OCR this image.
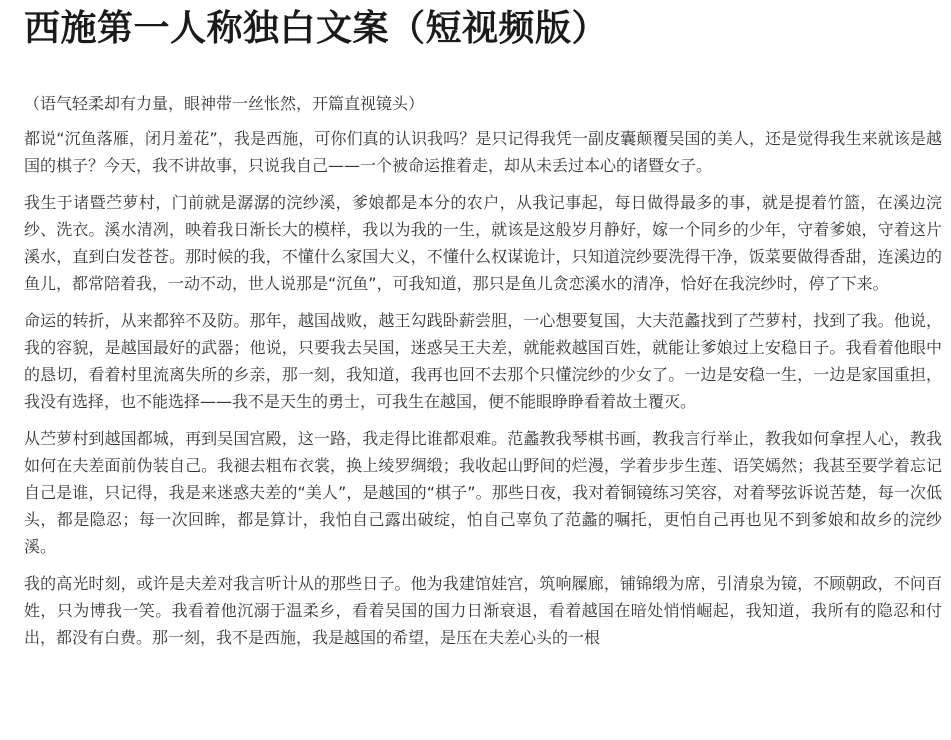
西施第一人称独白文案（短视频版）

（语气轻柔却有力量，眼神带一丝怅然，开篇直视镜头）

都说“沉鱼落雁，闭月羞花”，我是西施，可你们真的认识我吗？是只记得我凭一副皮囊颠覆吴国的美人，还是觉得我生来就该是越国的棋子？今天，我不讲故事，只说我自己——一个被命运推着走，却从未丢过本心的诸暨女子。

我生于诸暨苎萝村，门前就是潺潺的浣纱溪，爹娘都是本分的农户，从我记事起，每日做得最多的事，就是提着竹篮，在溪边浣纱、洗衣。溪水清冽，映着我日渐长大的模样，我以为我的一生，就该是这般岁月静好，嫁一个同乡的少年，守着爹娘，守着这片溪水，直到白发苍苍。那时候的我，不懂什么家国大义，不懂什么权谋诡计，只知道浣纱要洗得干净，饭菜要做得香甜，连溪边的鱼儿，都常陪着我，一动不动，世人说那是“沉鱼”，可我知道，那只是鱼儿贪恋溪水的清净，恰好在我浣纱时，停了下来。

命运的转折，从来都猝不及防。那年，越国战败，越王勾践卧薪尝胆，一心想要复国，大夫范蠡找到了苎萝村，找到了我。他说，我的容貌，是越国最好的武器；他说，只要我去吴国，迷惑吴王夫差，就能救越国百姓，就能让爹娘过上安稳日子。我看着他眼中的恳切，看着村里流离失所的乡亲，那一刻，我知道，我再也回不去那个只懂浣纱的少女了。一边是安稳一生，一边是家国重担，我没有选择，也不能选择——我不是天生的勇士，可我生在越国，便不能眼睁睁看着故土覆灭。

从苎萝村到越国都城，再到吴国宫殿，这一路，我走得比谁都艰难。范蠡教我琴棋书画，教我言行举止，教我如何拿捏人心，教我如何在夫差面前伪装自己。我褪去粗布衣裳，换上绫罗绸缎；我收起山野间的烂漫，学着步步生莲、语笑嫣然；我甚至要学着忘记自己是谁，只记得，我是来迷惑夫差的“美人”，是越国的“棋子”。那些日夜，我对着铜镜练习笑容，对着琴弦诉说苦楚，每一次低头，都是隐忍；每一次回眸，都是算计，我怕自己露出破绽，怕自己辜负了范蠡的嘱托，更怕自己再也见不到爹娘和故乡的浣纱溪。

我的高光时刻，或许是夫差对我言听计从的那些日子。他为我建馆娃宫，筑响屧廊，铺锦缎为席，引清泉为镜，不顾朝政，不问百姓，只为博我一笑。我看着他沉溺于温柔乡，看着吴国的国力日渐衰退，看着越国在暗处悄悄崛起，我知道，我所有的隐忍和付出，都没有白费。那一刻，我不是西施，我是越国的希望，是压在夫差心头的一根
